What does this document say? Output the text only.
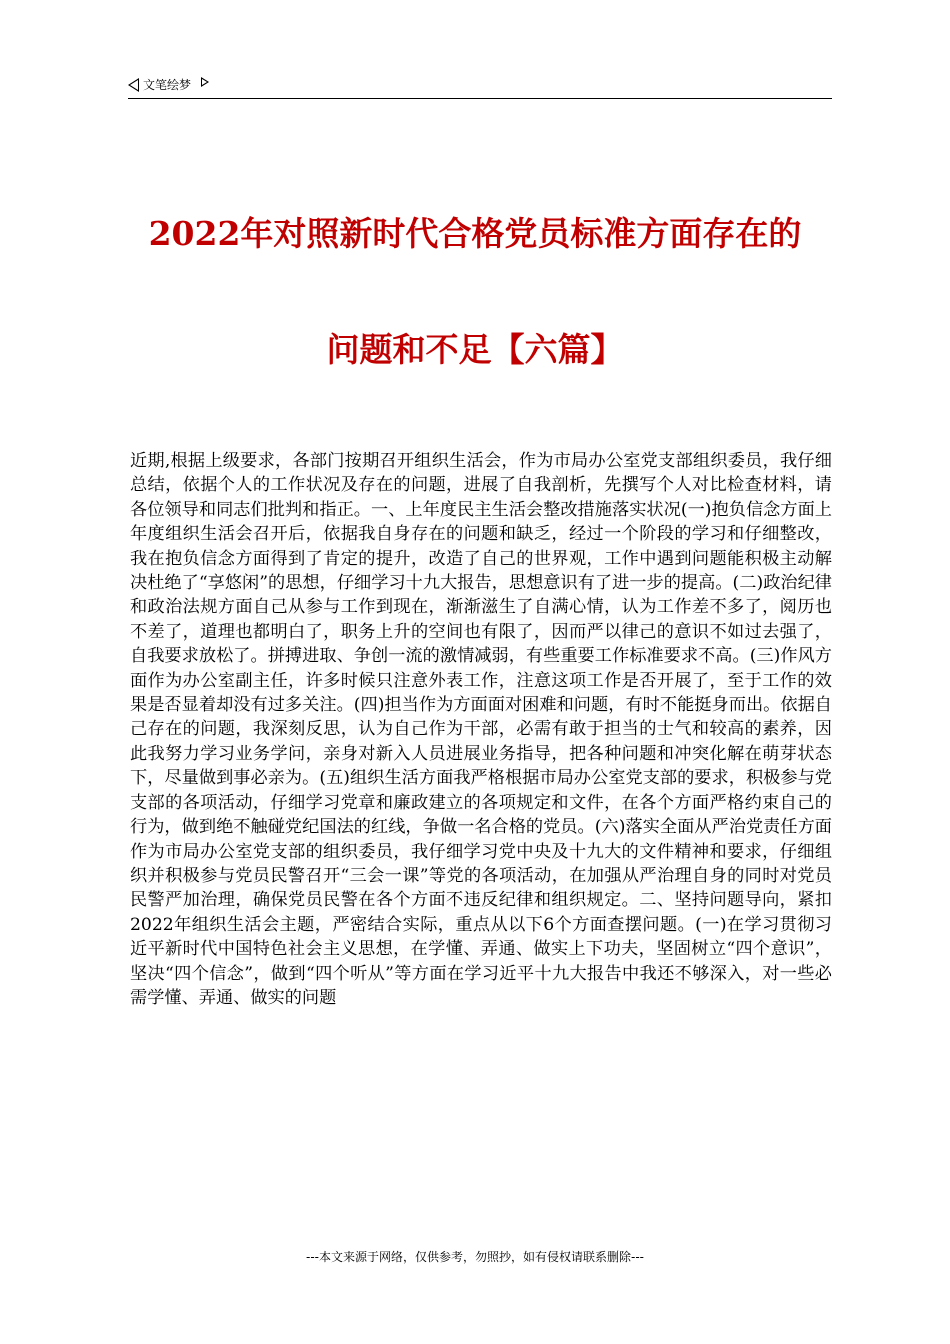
文笔绘梦
2022年对照新时代合格党员标准方面存在的
问题和不足【六篇】

近期,根据上级要求，各部门按期召开组织生活会，作为市局办公室党支部组织委员，我仔细总结，依据个人的工作状况及存在的问题，进展了自我剖析，先撰写个人对比检查材料，请各位领导和同志们批判和指正。一、上年度民主生活会整改措施落实状况(一)抱负信念方面上年度组织生活会召开后，依据我自身存在的问题和缺乏，经过一个阶段的学习和仔细整改，我在抱负信念方面得到了肯定的提升，改造了自己的世界观，工作中遇到问题能积极主动解决杜绝了“享悠闲”的思想，仔细学习十九大报告，思想意识有了进一步的提高。(二)政治纪律和政治法规方面自己从参与工作到现在，渐渐滋生了自满心情，认为工作差不多了，阅历也不差了，道理也都明白了，职务上升的空间也有限了，因而严以律己的意识不如过去强了，自我要求放松了。拼搏进取、争创一流的激情减弱，有些重要工作标准要求不高。(三)作风方面作为办公室副主任，许多时候只注意外表工作，注意这项工作是否开展了，至于工作的效果是否显着却没有过多关注。(四)担当作为方面面对困难和问题，有时不能挺身而出。依据自己存在的问题，我深刻反思，认为自己作为干部，必需有敢于担当的士气和较高的素养，因此我努力学习业务学问，亲身对新入人员进展业务指导，把各种问题和冲突化解在萌芽状态下，尽量做到事必亲为。(五)组织生活方面我严格根据市局办公室党支部的要求，积极参与党支部的各项活动，仔细学习党章和廉政建立的各项规定和文件，在各个方面严格约束自己的行为，做到绝不触碰党纪国法的红线，争做一名合格的党员。(六)落实全面从严治党责任方面作为市局办公室党支部的组织委员，我仔细学习党中央及十九大的文件精神和要求，仔细组织并积极参与党员民警召开“三会一课”等党的各项活动，在加强从严治理自身的同时对党员民警严加治理，确保党员民警在各个方面不违反纪律和组织规定。二、坚持问题导向，紧扣2022年组织生活会主题，严密结合实际，重点从以下6个方面查摆问题。(一)在学习贯彻习近平新时代中国特色社会主义思想，在学懂、弄通、做实上下功夫，坚固树立“四个意识”，坚决“四个信念”，做到“四个听从”等方面在学习近平十九大报告中我还不够深入，对一些必需学懂、弄通、做实的问题

---本文来源于网络，仅供参考，勿照抄，如有侵权请联系删除---
